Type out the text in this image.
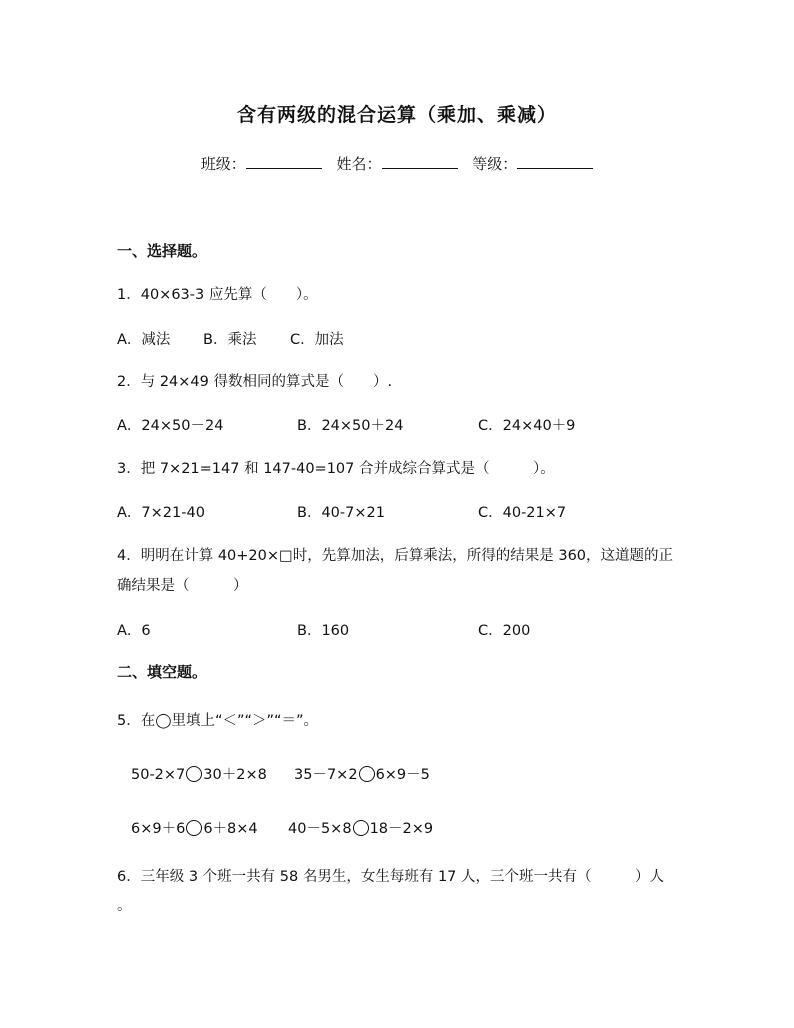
含有两级的混合运算（乘加、乘减）
班级：	姓名：	等级：
一、选择题。
1．40×63-3 应先算（　　）。
A．减法 B．乘法 C．加法
2．与 24×49 得数相同的算式是（　　）.
A．24×50－24	B．24×50＋24	C．24×40＋9
3．把 7×21=147 和 147-40=107 合并成综合算式是（　　　）。
A．7×21-40	B．40-7×21	C．40-21×7
4．明明在计算 40+20×□时，先算加法，后算乘法，所得的结果是 360，这道题的正
确结果是（　　　）
A．6	B．160	C．200
二、填空题。
5．在◯里填上“＜”“＞”“＝”。
50-2×7 30＋2×8 35－7×2 6×9－5
6×9＋6 6＋8×4 40－5×8 18－2×9
6．三年级 3 个班一共有 58 名男生，女生每班有 17 人，三个班一共有（　　　）人
。
